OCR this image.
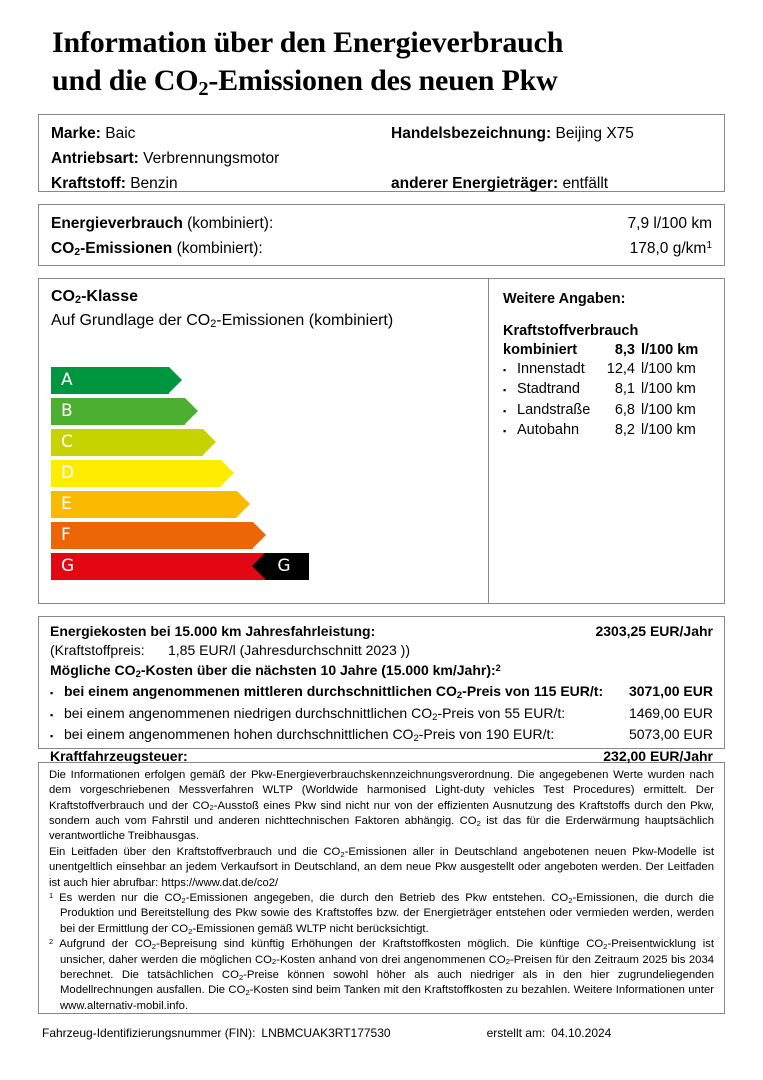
Information über den Energieverbrauch
und die $CO_2$-Emissionen des neuen Pkw
Marke: Baic
Antriebsart: Verbrennungsmotor
Kraftstoff: Benzin
Handelsbezeichnung: Beijing X75
anderer Energieträger: entfällt
Energieverbrauch (kombiniert):	7,9 l/100 km
$CO_2$-Emissionen (kombiniert):	178,0 $g/km^1$
$CO_2$-Klasse
Auf Grundlage der $CO_2$-Emissionen (kombiniert)
A
B
C
D
E
F
G	G
Weitere Angaben:
Kraftstoffverbrauch
kombiniert	8,3 l/100 km
▪ Innenstadt	12,4 l/100 km
▪ Stadtrand	8,1 l/100 km
▪ Landstraße	6,8 l/100 km
▪ Autobahn	8,2 l/100 km
Energiekosten bei 15.000 km Jahresfahrleistung:	2303,25 EUR/Jahr
(Kraftstoffpreis:	1,85 EUR/l (Jahresdurchschnitt 2023 ))
Mögliche $CO_2$-Kosten über die nächsten 10 Jahre (15.000 km/Jahr):$^2$
▪ bei einem angenommenen mittleren durchschnittlichen $CO_2$-Preis von 115 EUR/t: 3071,00 EUR
▪ bei einem angenommenen niedrigen durchschnittlichen $CO_2$-Preis von 55 EUR/t:	1469,00 EUR
▪ bei einem angenommenen hohen durchschnittlichen $CO_2$-Preis von 190 EUR/t:	5073,00 EUR
Kraftfahrzeugsteuer:	232,00 EUR/Jahr

Die Informationen erfolgen gemäß der Pkw-Energieverbrauchskennzeichnungsverordnung. Die angegebenen Werte wurden nach dem vorgeschriebenen Messverfahren WLTP (Worldwide harmonised Light-duty vehicles Test Procedures) ermittelt. Der Kraftstoffverbrauch und der $CO_2$-Ausstoß eines Pkw sind nicht nur von der effizienten Ausnutzung des Kraftstoffs durch den Pkw, sondern auch vom Fahrstil und anderen nichttechnischen Faktoren abhängig. $CO_2$ ist das für die Erderwärmung hauptsächlich verantwortliche Treibhausgas.

Ein Leitfaden über den Kraftstoffverbrauch und die $CO_2$-Emissionen aller in Deutschland angebotenen neuen Pkw-Modelle ist unentgeltlich einsehbar an jedem Verkaufsort in Deutschland, an dem neue Pkw ausgestellt oder angeboten werden. Der Leitfaden ist auch hier abrufbar: https://www.dat.de/co2/

$^1$ Es werden nur die $CO_2$-Emissionen angegeben, die durch den Betrieb des Pkw entstehen. $CO_2$-Emissionen, die durch die Produktion und Bereitstellung des Pkw sowie des Kraftstoffes bzw. der Energieträger entstehen oder vermieden werden, werden bei der Ermittlung der $CO_2$-Emissionen gemäß WLTP nicht berücksichtigt.

$^2$ Aufgrund der $CO_2$-Bepreisung sind künftig Erhöhungen der Kraftstoffkosten möglich. Die künftige $CO_2$-Preisentwicklung ist unsicher, daher werden die möglichen $CO_2$-Kosten anhand von drei angenommenen $CO_2$-Preisen für den Zeitraum 2025 bis 2034 berechnet. Die tatsächlichen $CO_2$-Preise können sowohl höher als auch niedriger als in den hier zugrundeliegenden Modellrechnungen ausfallen. Die $CO_2$-Kosten sind beim Tanken mit den Kraftstoffkosten zu bezahlen. Weitere Informationen unter www.alternativ-mobil.info.

Fahrzeug-Identifizierungsnummer (FIN): LNBMCUAK3RT177530	erstellt am: 04.10.2024
